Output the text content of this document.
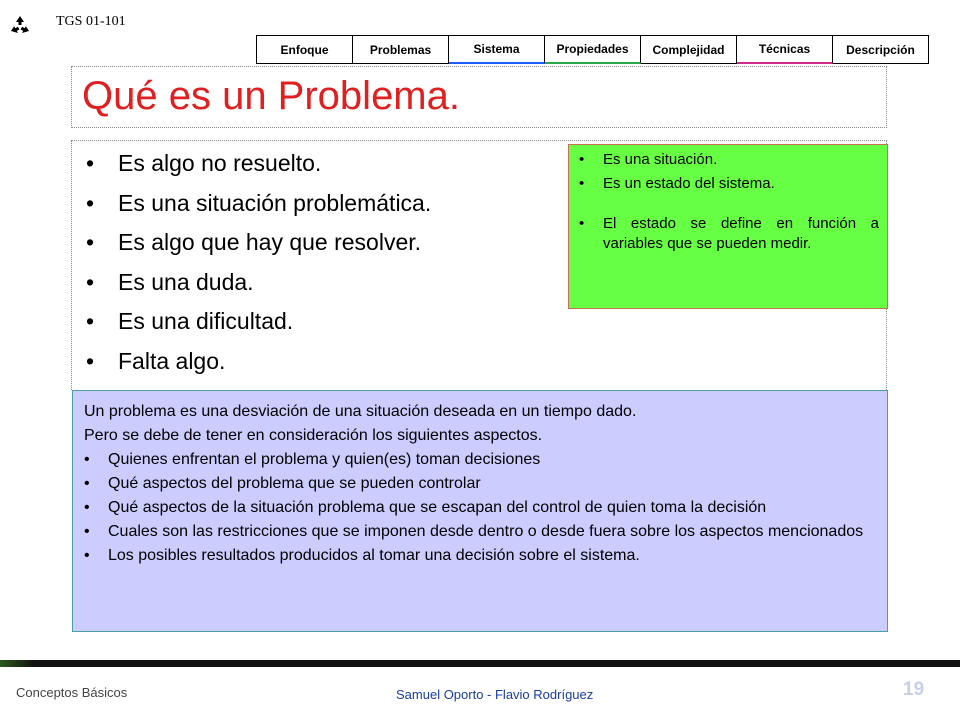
TGS 01-101
Enfoque	Problemas	Sistema	Propiedades	Complejidad	Técnicas	Descripción
Qué es un Problema.
•	Es algo no resuelto.
•	Es una situación problemática.
•	Es algo que hay que resolver.
•	Es una duda.
•	Es una dificultad.
•	Falta algo.
•	Es una situación.
•	Es un estado del sistema.
•	El estado se define en función a variables que se pueden medir.
Un problema es una desviación de una situación deseada en un tiempo dado.
Pero se debe de tener en consideración los siguientes aspectos.
•	Quienes enfrentan el problema y quien(es) toman decisiones
•	Qué aspectos del problema que se pueden controlar
•	Qué aspectos de la situación problema que se escapan del control de quien toma la decisión
•	Cuales son las restricciones que se imponen desde dentro o desde fuera sobre los aspectos mencionados
•	Los posibles resultados producidos al tomar una decisión sobre el sistema.
Conceptos Básicos	Samuel Oporto - Flavio Rodríguez	19
